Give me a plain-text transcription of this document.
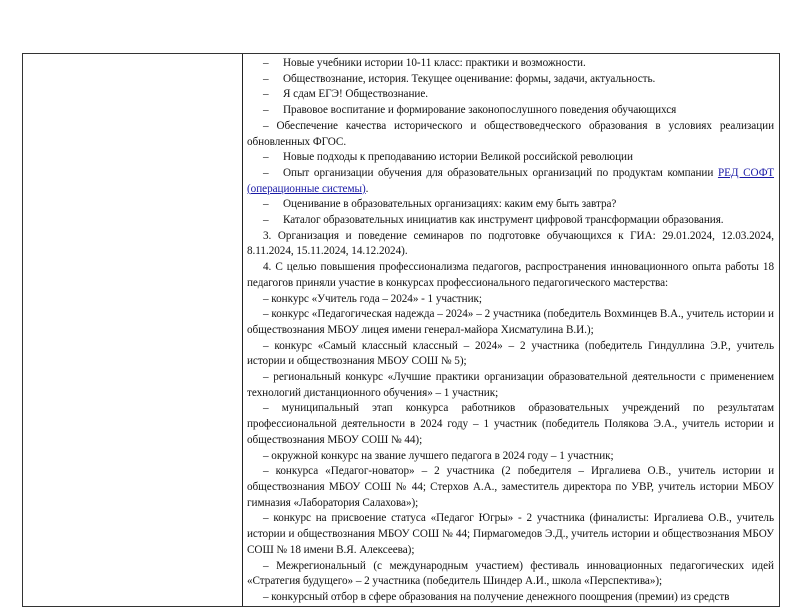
– Новые учебники истории 10-11 класс: практики и возможности.

– Обществознание, история. Текущее оценивание: формы, задачи, актуальность.

– Я сдам ЕГЭ! Обществознание.

– Правовое воспитание и формирование законопослушного поведения обучающихся

– Обеспечение качества исторического и обществоведческого образования в условиях реализации обновленных ФГОС.

– Новые подходы к преподаванию истории Великой российской революции

– Опыт организации обучения для образовательных организаций по продуктам компании РЕД СОФТ (операционные системы).

– Оценивание в образовательных организациях: каким ему быть завтра?

– Каталог образовательных инициатив как инструмент цифровой трансформации образования.

3. Организация и поведение семинаров по подготовке обучающихся к ГИА: 29.01.2024, 12.03.2024, 8.11.2024, 15.11.2024, 14.12.2024).

4. С целью повышения профессионализма педагогов, распространения инновационного опыта работы 18 педагогов приняли участие в конкурсах профессионального педагогического мастерства:

– конкурс «Учитель года – 2024» - 1 участник;

– конкурс «Педагогическая надежда – 2024» – 2 участника (победитель Вохминцев В.А., учитель истории и обществознания МБОУ лицея имени генерал-майора Хисматулина В.И.);

– конкурс «Самый классный классный – 2024» – 2 участника (победитель Гиндуллина Э.Р., учитель истории и обществознания МБОУ СОШ № 5);

– региональный конкурс «Лучшие практики организации образовательной деятельности с применением технологий дистанционного обучения» – 1 участник;

– муниципальный этап конкурса работников образовательных учреждений по результатам профессиональной деятельности в 2024 году – 1 участник (победитель Полякова Э.А., учитель истории и обществознания МБОУ СОШ № 44);

– окружной конкурс на звание лучшего педагога в 2024 году – 1 участник;

– конкурса «Педагог-новатор» – 2 участника (2 победителя – Иргалиева О.В., учитель истории и обществознания МБОУ СОШ № 44; Стерхов А.А., заместитель директора по УВР, учитель истории МБОУ гимназия «Лаборатория Салахова»);

– конкурс на присвоение статуса «Педагог Югры» - 2 участника (финалисты: Иргалиева О.В., учитель истории и обществознания МБОУ СОШ № 44; Пирмагомедов Э.Д., учитель истории и обществознания МБОУ СОШ № 18 имени В.Я. Алексеева);

– Межрегиональный (с международным участием) фестиваль инновационных педагогических идей «Стратегия будущего» – 2 участника (победитель Шиндер А.И., школа «Перспектива»);

– конкурсный отбор в сфере образования на получение денежного поощрения (премии) из средств
